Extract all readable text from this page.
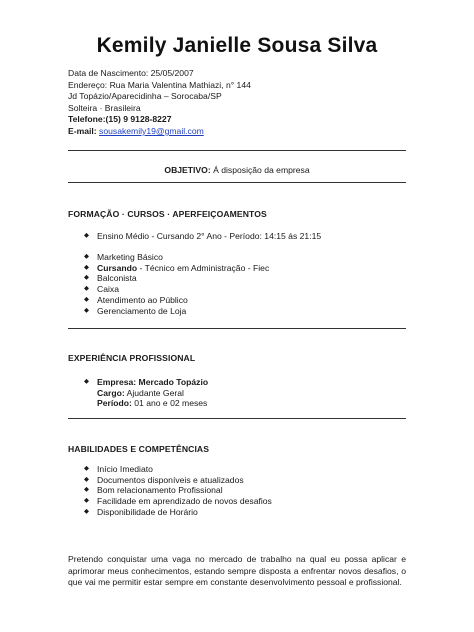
Kemily Janielle Sousa Silva
Data de Nascimento: 25/05/2007
Endereço: Rua Maria Valentina Mathiazi, n° 144
Jd Topázio/Aparecidinha – Sorocaba/SP
Solteira · Brasileira
Telefone:(15) 9 9128-8227
E-mail: sousakemily19@gmail.com
OBJETIVO: Á disposição da empresa
FORMAÇÃO · CURSOS · APERFEIÇOAMENTOS
◆ Ensino Médio - Cursando 2° Ano - Período: 14:15 ás 21:15
◆ Marketing Básico
◆ Cursando - Técnico em Administração - Fiec
◆ Balconista
◆ Caixa
◆ Atendimento ao Público
◆ Gerenciamento de Loja
EXPERIÊNCIA PROFISSIONAL
◆ Empresa: Mercado Topázio
Cargo: Ajudante Geral
Período: 01 ano e 02 meses
HABILIDADES E COMPETÊNCIAS
◆ Início Imediato
◆ Documentos disponíveis e atualizados
◆ Bom relacionamento Profissional
◆ Facilidade em aprendizado de novos desafios
◆ Disponibilidade de Horário
Pretendo conquistar uma vaga no mercado de trabalho na qual eu possa aplicar e aprimorar meus conhecimentos, estando sempre disposta a enfrentar novos desafios, o que vai me permitir estar sempre em constante desenvolvimento pessoal e profissional.
